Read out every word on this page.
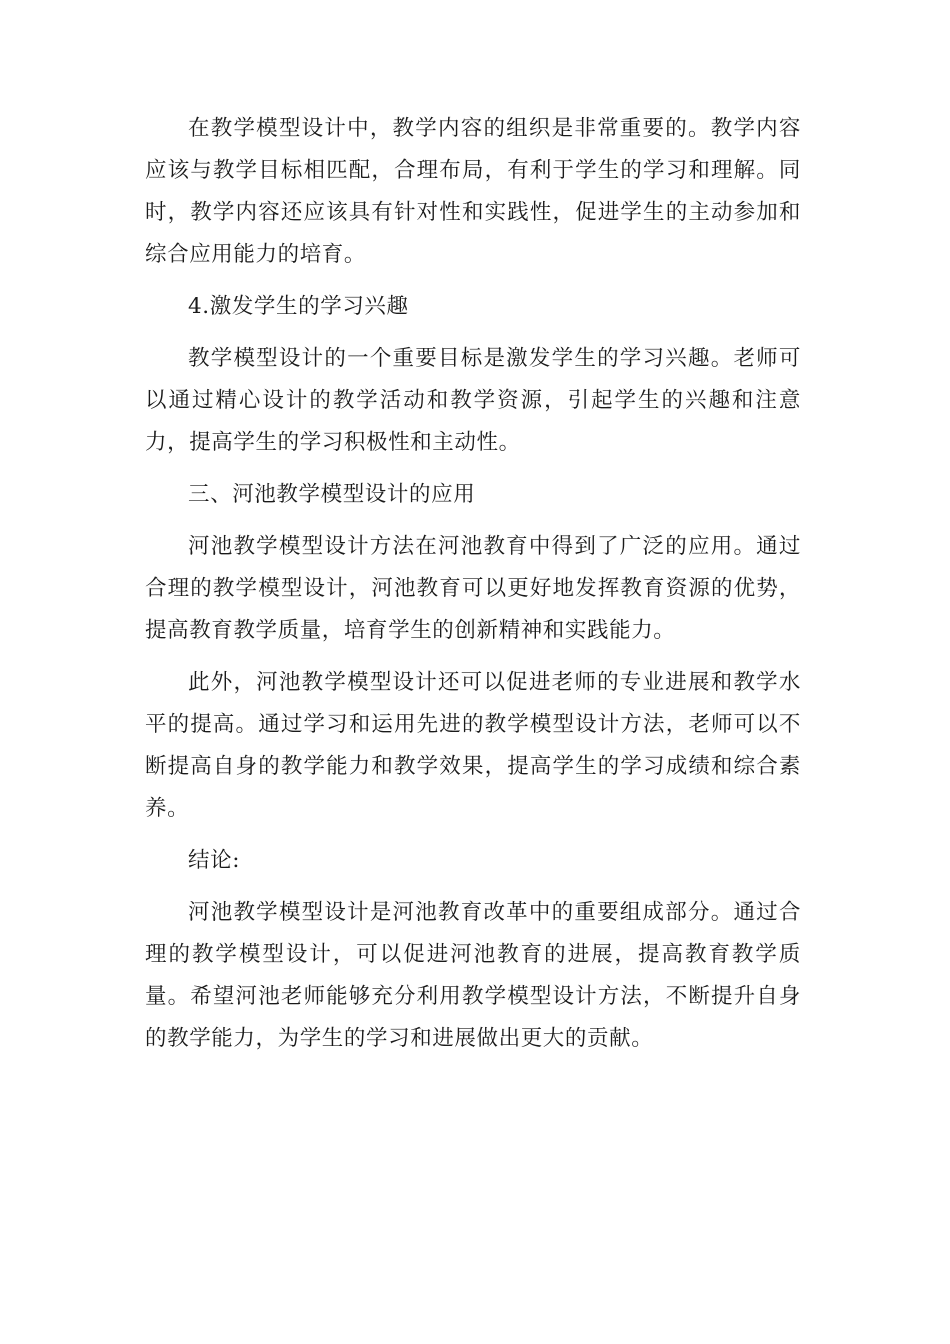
在教学模型设计中，教学内容的组织是非常重要的。教学内容应该与教学目标相匹配，合理布局，有利于学生的学习和理解。同时，教学内容还应该具有针对性和实践性，促进学生的主动参加和综合应用能力的培育。

4.激发学生的学习兴趣

教学模型设计的一个重要目标是激发学生的学习兴趣。老师可以通过精心设计的教学活动和教学资源，引起学生的兴趣和注意力，提高学生的学习积极性和主动性。

三、河池教学模型设计的应用

河池教学模型设计方法在河池教育中得到了广泛的应用。通过合理的教学模型设计，河池教育可以更好地发挥教育资源的优势，提高教育教学质量，培育学生的创新精神和实践能力。

此外，河池教学模型设计还可以促进老师的专业进展和教学水平的提高。通过学习和运用先进的教学模型设计方法，老师可以不断提高自身的教学能力和教学效果，提高学生的学习成绩和综合素养。

结论:

河池教学模型设计是河池教育改革中的重要组成部分。通过合理的教学模型设计，可以促进河池教育的进展，提高教育教学质量。希望河池老师能够充分利用教学模型设计方法，不断提升自身的教学能力，为学生的学习和进展做出更大的贡献。
